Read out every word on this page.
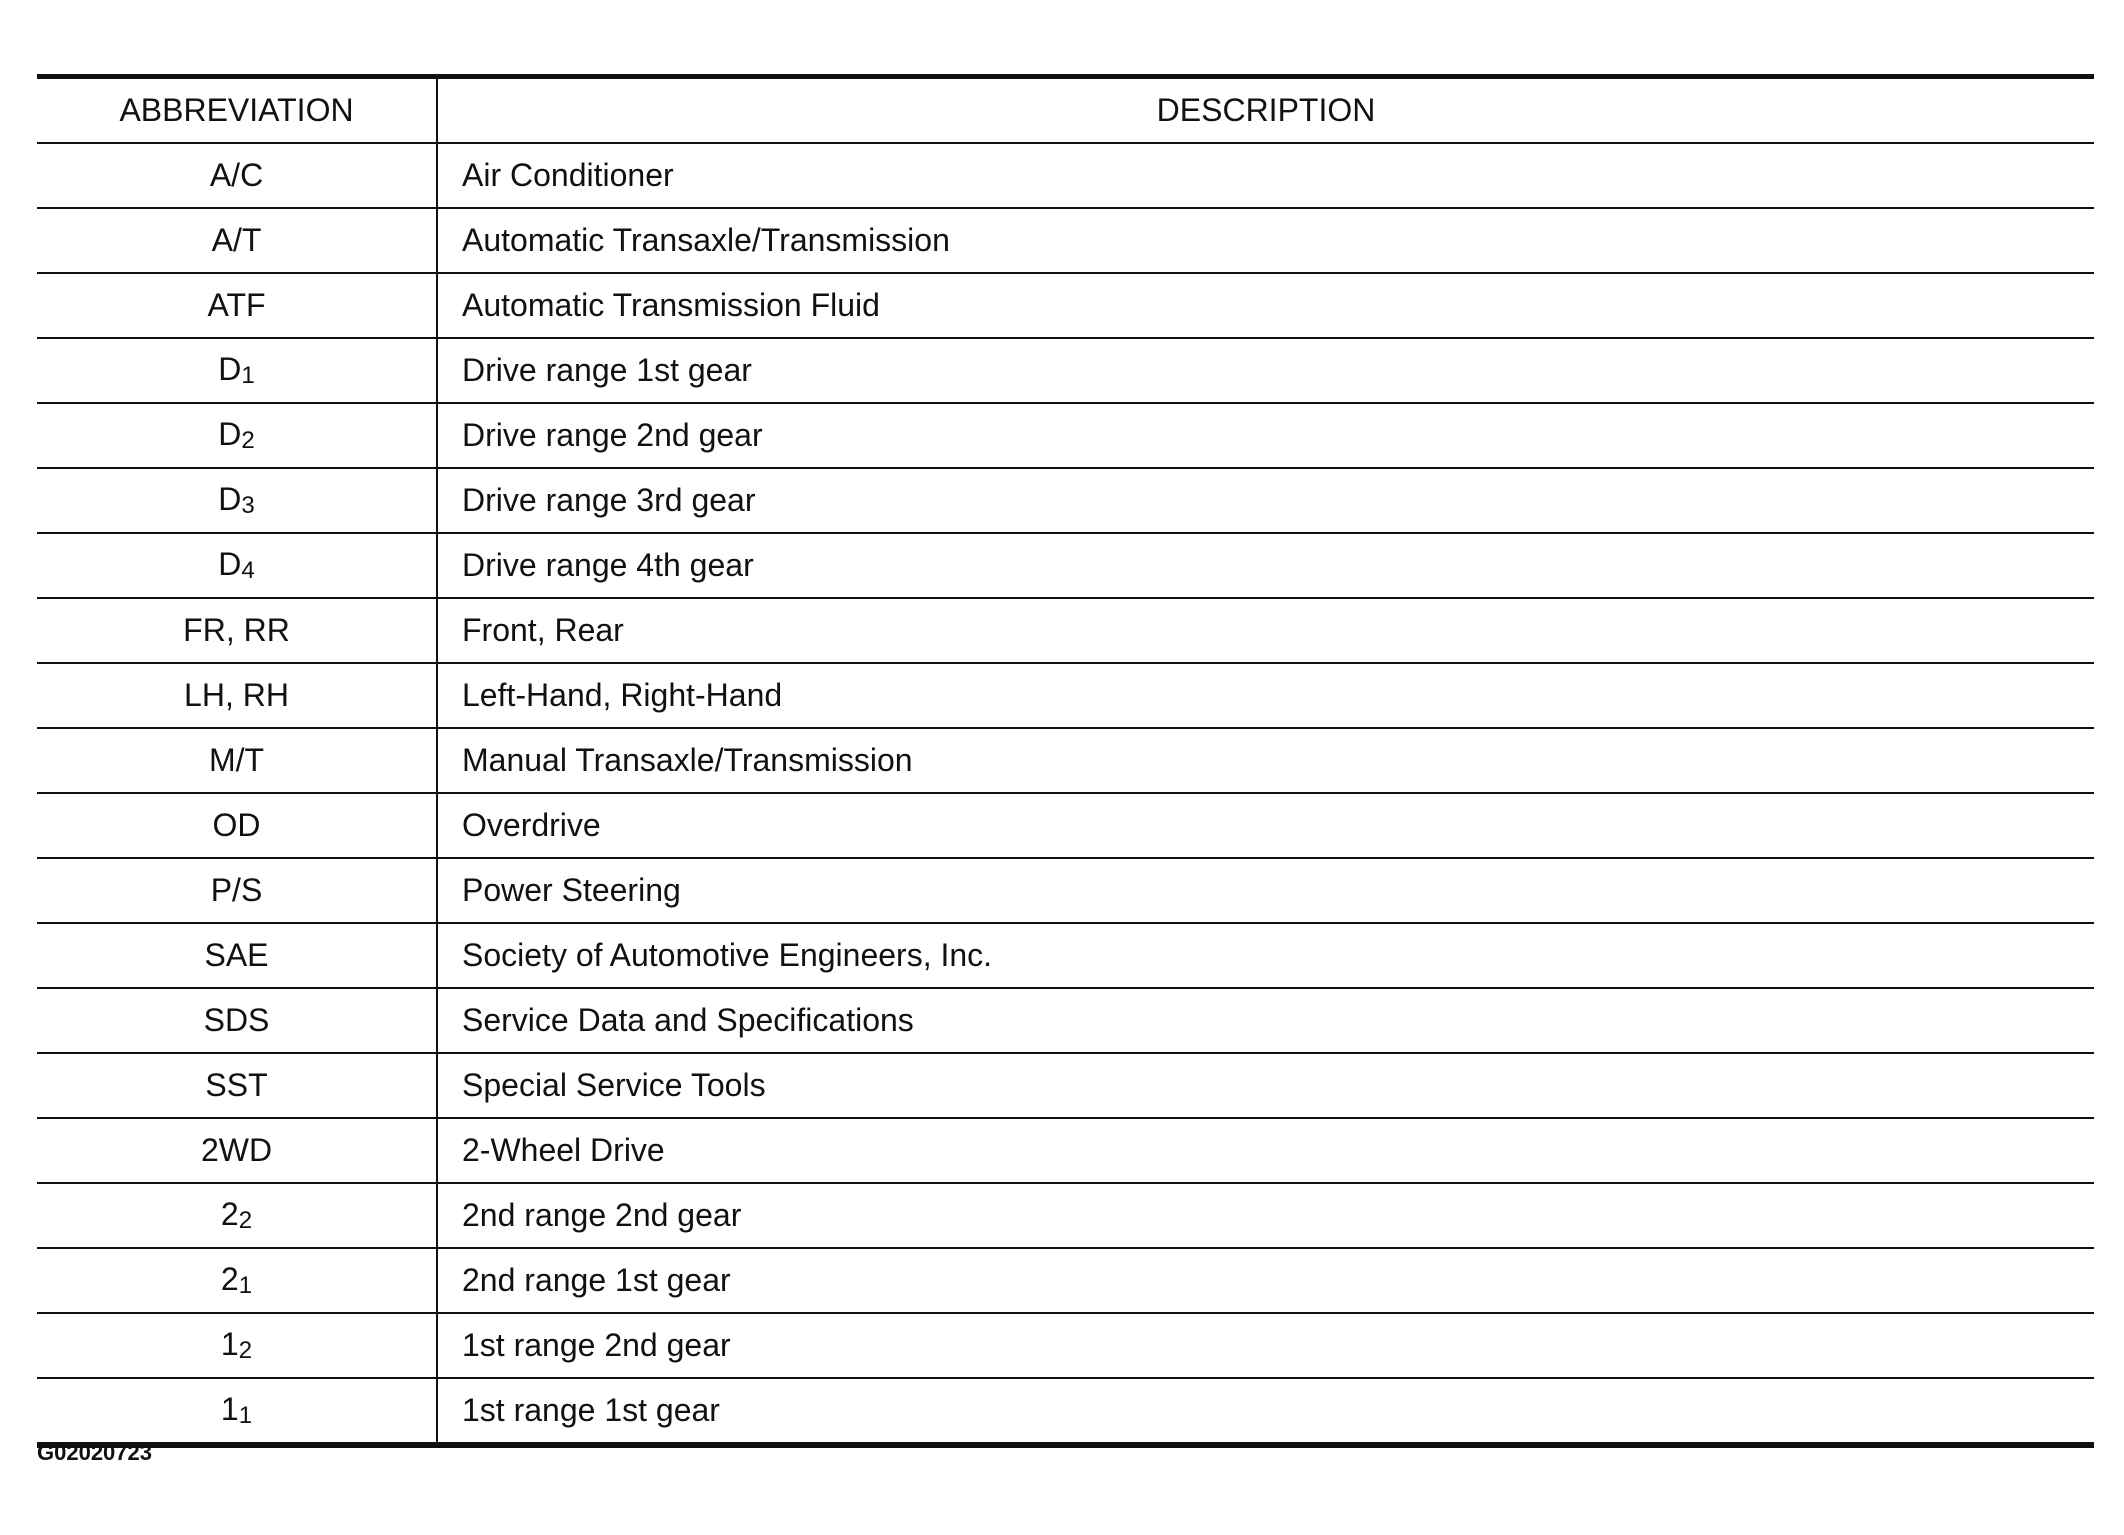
ABBREVIATION	DESCRIPTION
A/C	Air Conditioner
A/T	Automatic Transaxle/Transmission
ATF	Automatic Transmission Fluid
D1	Drive range 1st gear
D2	Drive range 2nd gear
D3	Drive range 3rd gear
D4	Drive range 4th gear
FR, RR	Front, Rear
LH, RH	Left-Hand, Right-Hand
M/T	Manual Transaxle/Transmission
OD	Overdrive
P/S	Power Steering
SAE	Society of Automotive Engineers, Inc.
SDS	Service Data and Specifications
SST	Special Service Tools
2WD	2-Wheel Drive
22	2nd range 2nd gear
21	2nd range 1st gear
12	1st range 2nd gear
11	1st range 1st gear
G02020723
